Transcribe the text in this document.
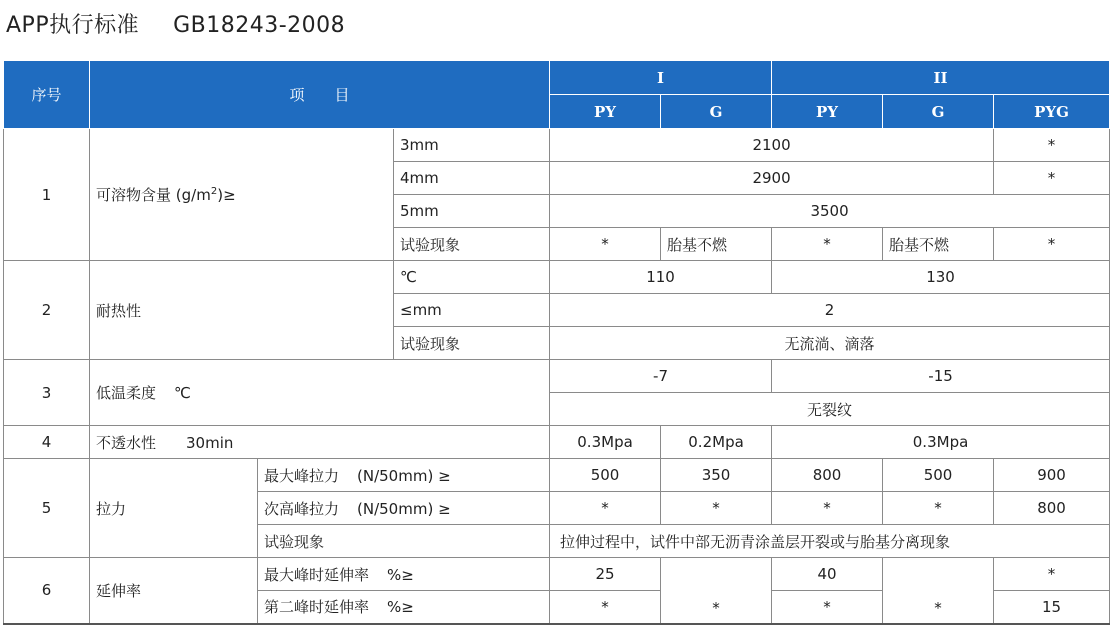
APP执行标准 GB18243-2008
序号	项　　目			I		II		
				PY	G	PY	G	PYG
1	可溶物含量 $(g/m^2)\ge$		3mm	2100				*
			4mm	2900				*
			5mm	3500				
			试验现象	*	胎基不燃	*	胎基不燃	*
2	耐热性		℃	110		130		
			≤mm	2				
			试验现象	无流淌、滴落				
3	低温柔度 ℃			-7		-15		
				无裂纹				
4	不透水性 30min			0.3Mpa	0.2Mpa	0.3Mpa		
5	拉力	最大峰拉力 (N/50mm) ≥		500	350	800	500	900
		次高峰拉力 (N/50mm) ≥		*	*	*	*	800
		试验现象		拉伸过程中，试件中部无沥青涂盖层开裂或与胎基分离现象				
6	延伸率	最大峰时延伸率 %≥		25	*	40	*	*
		第二峰时延伸率 %≥		*		*		15
